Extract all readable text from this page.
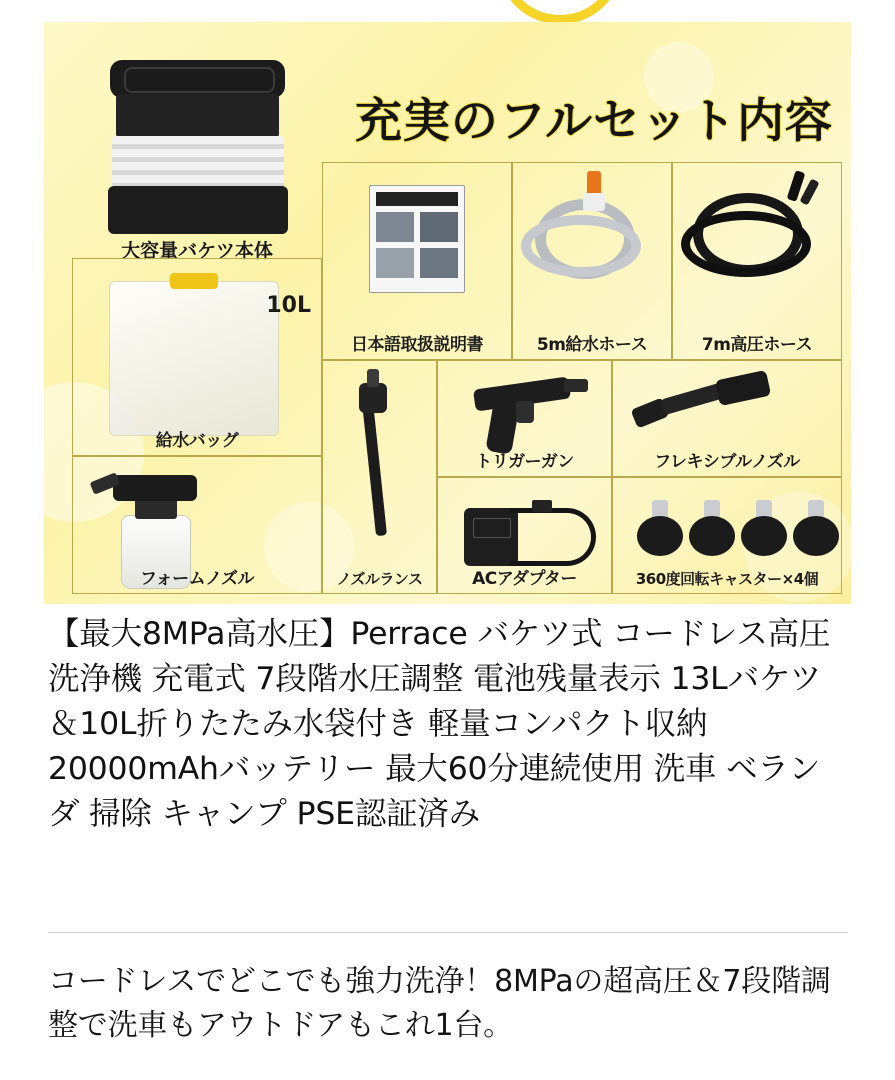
充実のフルセット内容
大容量バケツ本体
10L
給水バッグ
フォームノズル
日本語取扱説明書	5m給水ホース	7m高圧ホース
ノズルランス
トリガーガン	フレキシブルノズル
ACアダプター	360度回転キャスター×4個
【最大8MPa高水圧】Perrace バケツ式 コードレス高圧洗浄機 充電式 7段階水圧調整 電池残量表示 13Lバケツ＆10L折りたたみ水袋付き 軽量コンパクト収納 20000mAhバッテリー 最大60分連続使用 洗車 ベランダ 掃除 キャンプ PSE認証済み
コードレスでどこでも強力洗浄！8MPaの超高圧＆7段階調整で洗車もアウトドアもこれ1台。
